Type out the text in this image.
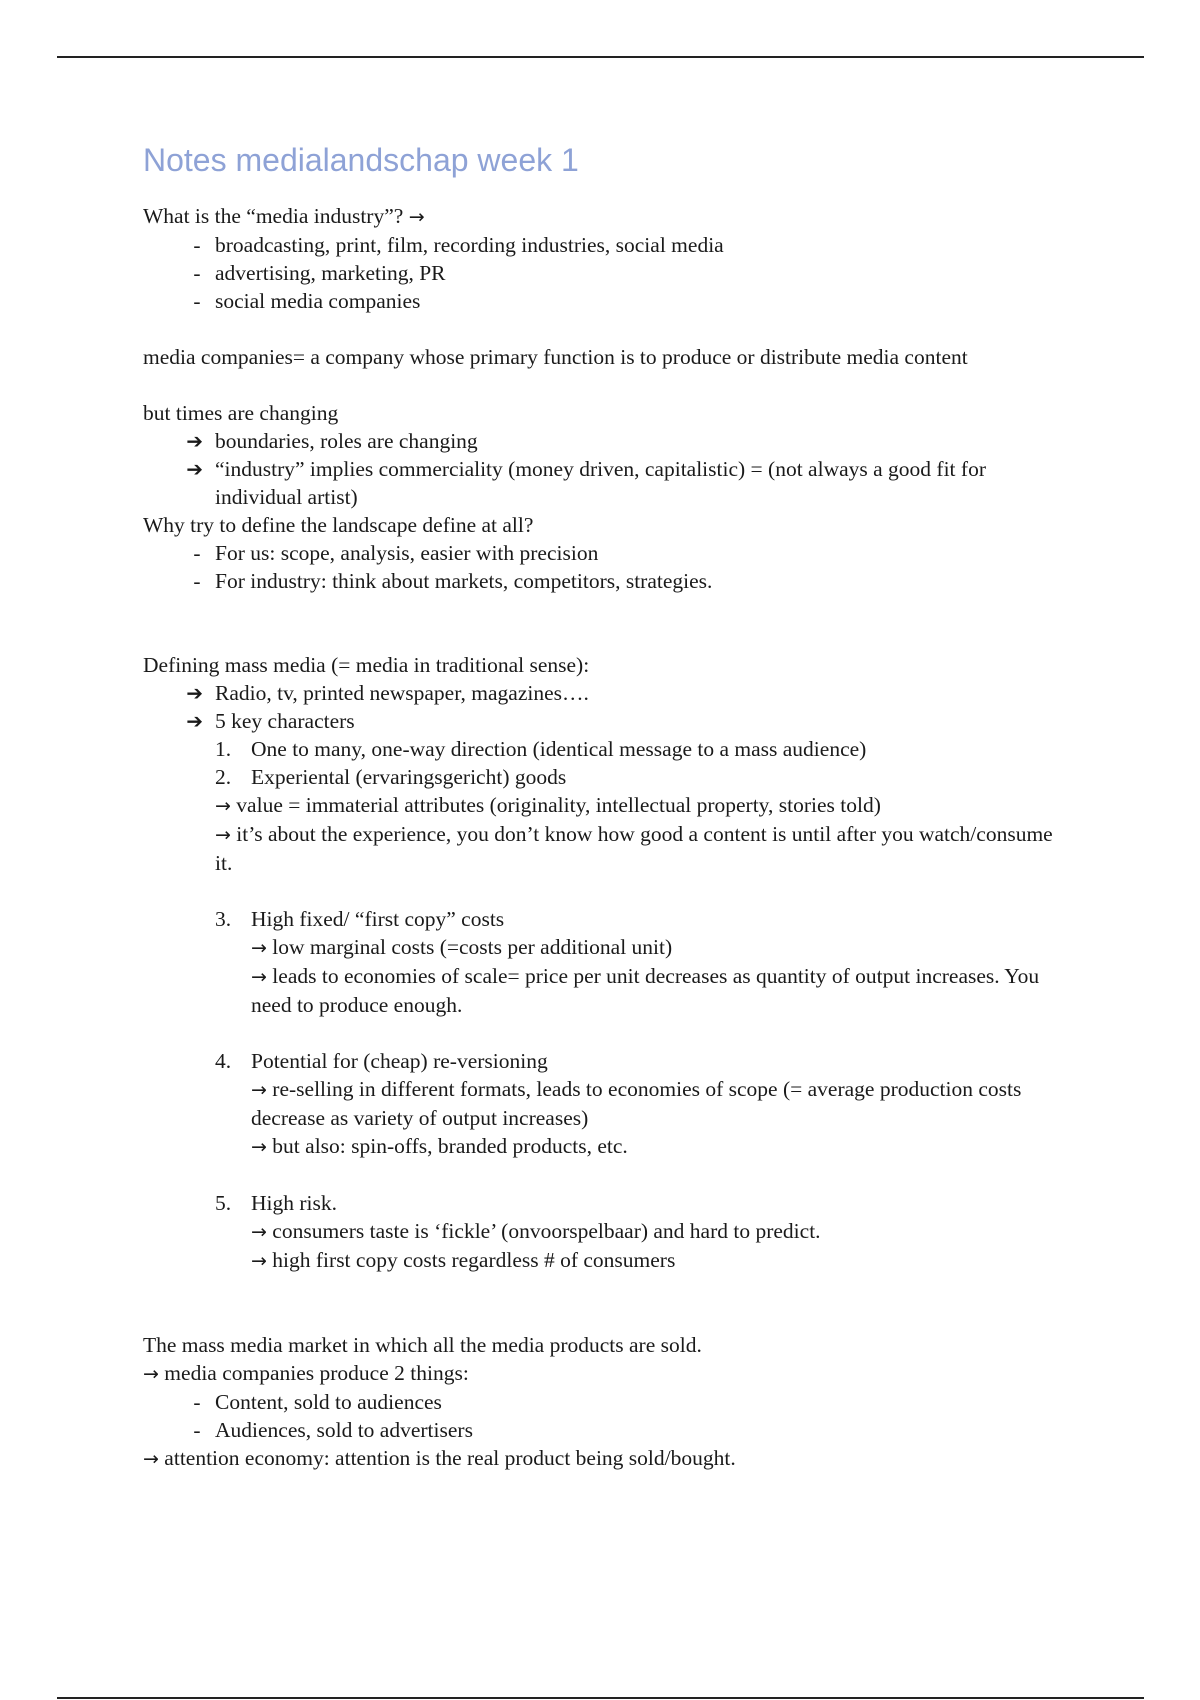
Notes medialandschap week 1

What is the “media industry”? →

- broadcasting, print, film, recording industries, social media
- advertising, marketing, PR
- social media companies

media companies= a company whose primary function is to produce or distribute media content

but times are changing

➔ boundaries, roles are changing
➔ “industry” implies commerciality (money driven, capitalistic) = (not always a good fit for individual artist)

Why try to define the landscape define at all?

- For us: scope, analysis, easier with precision
- For industry: think about markets, competitors, strategies.

Defining mass media (= media in traditional sense):

➔ Radio, tv, printed newspaper, magazines….
➔ 5 key characters
1. One to many, one-way direction (identical message to a mass audience)
2. Experiental (ervaringsgericht) goods
→ value = immaterial attributes (originality, intellectual property, stories told)
→ it’s about the experience, you don’t know how good a content is until after you watch/consume it.
3. High fixed/ “first copy” costs
→ low marginal costs (=costs per additional unit)
→ leads to economies of scale= price per unit decreases as quantity of output increases. You need to produce enough.
4. Potential for (cheap) re-versioning
→ re-selling in different formats, leads to economies of scope (= average production costs decrease as variety of output increases)
→ but also: spin-offs, branded products, etc.
5. High risk.
→ consumers taste is ‘fickle’ (onvoorspelbaar) and hard to predict.
→ high first copy costs regardless # of consumers

The mass media market in which all the media products are sold.

→ media companies produce 2 things:

- Content, sold to audiences
- Audiences, sold to advertisers

→ attention economy: attention is the real product being sold/bought.
